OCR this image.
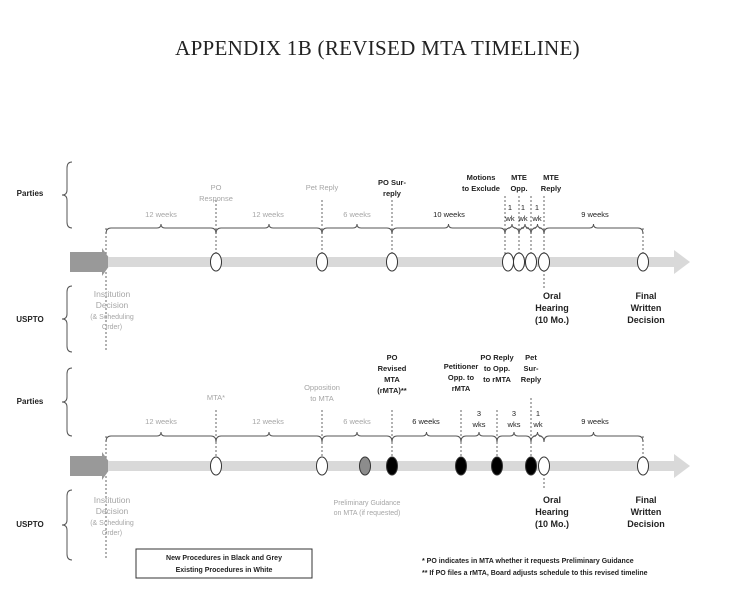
APPENDIX 1B (REVISED MTA TIMELINE)
Parties
USPTO
12 weeks	12 weeks	6 weeks	10 weeks
1
wk
1
wk
1
wk	9 weeks
PO
Response
Pet Reply
PO Sur-
reply
Motions
to Exclude
MTE
Opp.
MTE
Reply
Institution
Decision
(& Scheduling
Order)
Oral
Hearing
(10 Mo.)
Final
Written
Decision
Parties
USPTO
12 weeks	12 weeks	6 weeks	6 weeks
3
wks
3
wks
1
wk	9 weeks
MTA*
Opposition
to MTA
PO
Revised
MTA
(rMTA)**
Petitioner
Opp. to
rMTA
PO Reply
to Opp.
to rMTA
Pet
Sur-
Reply
Institution
Decision
(& Scheduling
Order)
Preliminary Guidance
on MTA (if requested)
Oral
Hearing
(10 Mo.)
Final
Written
Decision
New Procedures in Black and Grey
Existing Procedures in White
* PO indicates in MTA whether it requests Preliminary Guidance
** If PO files a rMTA, Board adjusts schedule to this revised timeline
